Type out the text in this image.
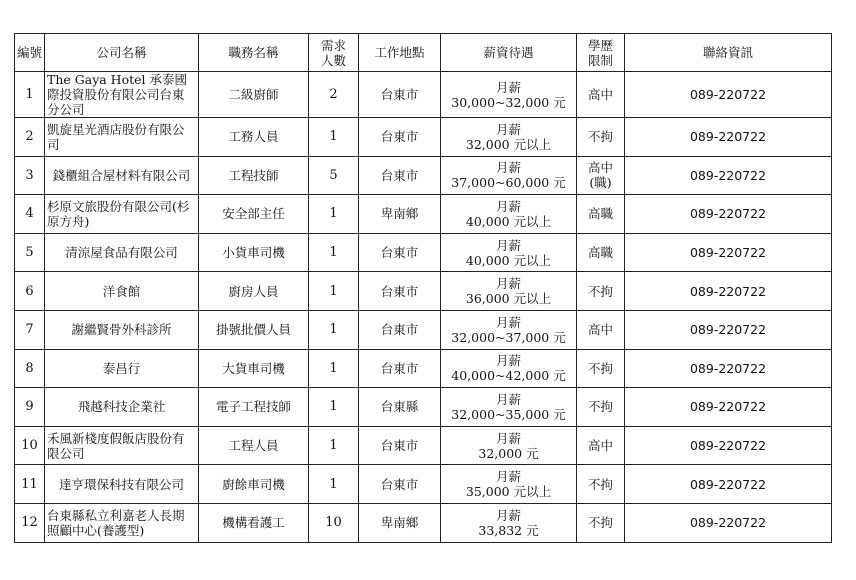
編號	公司名稱	職務名稱	需求
人數	工作地點	薪資待遇	學歷
限制	聯絡資訊
1	The Gaya Hotel 承泰國際投資股份有限公司台東分公司	二級廚師	2	台東市	月薪
30,000~32,000 元	高中	089-220722
2	凱旋星光酒店股份有限公司	工務人員	1	台東市	月薪
32,000 元以上	不拘	089-220722
3	錢櫃組合屋材料有限公司	工程技師	5	台東市	月薪
37,000~60,000 元	高中
(職)	089-220722
4	杉原文旅股份有限公司(杉原方舟)	安全部主任	1	卑南鄉	月薪
40,000 元以上	高職	089-220722
5	清涼屋食品有限公司	小貨車司機	1	台東市	月薪
40,000 元以上	高職	089-220722
6	洋食館	廚房人員	1	台東市	月薪
36,000 元以上	不拘	089-220722
7	謝繼賢骨外科診所	掛號批價人員	1	台東市	月薪
32,000~37,000 元	高中	089-220722
8	泰昌行	大貨車司機	1	台東市	月薪
40,000~42,000 元	不拘	089-220722
9	飛越科技企業社	電子工程技師	1	台東縣	月薪
32,000~35,000 元	不拘	089-220722
10	禾風新棧度假飯店股份有限公司	工程人員	1	台東市	月薪
32,000 元	高中	089-220722
11	達亨環保科技有限公司	廚餘車司機	1	台東市	月薪
35,000 元以上	不拘	089-220722
12	台東縣私立利嘉老人長期照顧中心(養護型)	機構看護工	10	卑南鄉	月薪
33,832 元	不拘	089-220722
